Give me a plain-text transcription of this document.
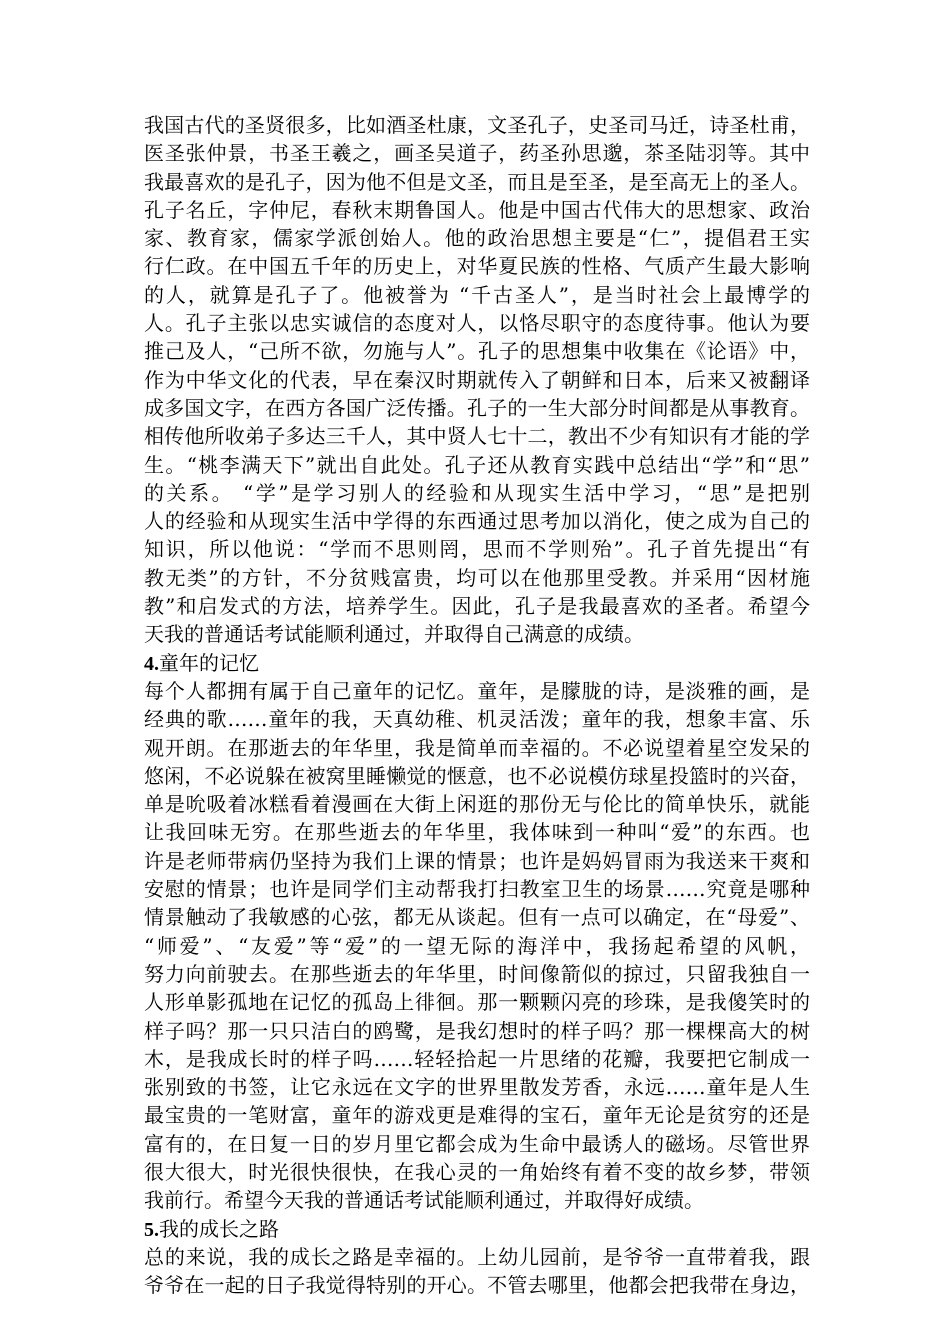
我国古代的圣贤很多，比如酒圣杜康，文圣孔子，史圣司马迁，诗圣杜甫，
医圣张仲景，书圣王羲之，画圣吴道子，药圣孙思邈，茶圣陆羽等。其中
我最喜欢的是孔子，因为他不但是文圣，而且是至圣，是至高无上的圣人。
孔子名丘，字仲尼，春秋末期鲁国人。他是中国古代伟大的思想家、政治
家、教育家，儒家学派创始人。他的政治思想主要是“仁”，提倡君王实
行仁政。在中国五千年的历史上，对华夏民族的性格、气质产生最大影响
的人，就算是孔子了。他被誉为 “千古圣人”，是当时社会上最博学的
人。孔子主张以忠实诚信的态度对人，以恪尽职守的态度待事。他认为要
推己及人，“己所不欲，勿施与人”。孔子的思想集中收集在《论语》中，
作为中华文化的代表，早在秦汉时期就传入了朝鲜和日本，后来又被翻译
成多国文字，在西方各国广泛传播。孔子的一生大部分时间都是从事教育。
相传他所收弟子多达三千人，其中贤人七十二，教出不少有知识有才能的学
生。“桃李满天下”就出自此处。孔子还从教育实践中总结出“学”和“思”
的关系。 “学”是学习别人的经验和从现实生活中学习，“思”是把别
人的经验和从现实生活中学得的东西通过思考加以消化，使之成为自己的
知识，所以他说：“学而不思则罔，思而不学则殆”。孔子首先提出“有
教无类”的方针，不分贫贱富贵，均可以在他那里受教。并采用“因材施
教”和启发式的方法，培养学生。因此，孔子是我最喜欢的圣者。希望今
天我的普通话考试能顺利通过，并取得自己满意的成绩。
4.童年的记忆
每个人都拥有属于自己童年的记忆。童年，是朦胧的诗，是淡雅的画，是
经典的歌……童年的我，天真幼稚、机灵活泼；童年的我，想象丰富、乐
观开朗。在那逝去的年华里，我是简单而幸福的。不必说望着星空发呆的
悠闲，不必说躲在被窝里睡懒觉的惬意，也不必说模仿球星投篮时的兴奋，
单是吮吸着冰糕看着漫画在大街上闲逛的那份无与伦比的简单快乐，就能
让我回味无穷。在那些逝去的年华里，我体味到一种叫“爱”的东西。也
许是老师带病仍坚持为我们上课的情景；也许是妈妈冒雨为我送来干爽和
安慰的情景；也许是同学们主动帮我打扫教室卫生的场景……究竟是哪种
情景触动了我敏感的心弦，都无从谈起。但有一点可以确定，在“母爱”、
“师爱”、“友爱”等“爱”的一望无际的海洋中，我扬起希望的风帆，
努力向前驶去。在那些逝去的年华里，时间像箭似的掠过，只留我独自一
人形单影孤地在记忆的孤岛上徘徊。那一颗颗闪亮的珍珠，是我傻笑时的
样子吗？那一只只洁白的鸥鹭，是我幻想时的样子吗？那一棵棵高大的树
木，是我成长时的样子吗……轻轻拾起一片思绪的花瓣，我要把它制成一
张别致的书签，让它永远在文字的世界里散发芳香，永远……童年是人生
最宝贵的一笔财富，童年的游戏更是难得的宝石，童年无论是贫穷的还是
富有的，在日复一日的岁月里它都会成为生命中最诱人的磁场。尽管世界
很大很大，时光很快很快，在我心灵的一角始终有着不变的故乡梦，带领
我前行。希望今天我的普通话考试能顺利通过，并取得好成绩。
5.我的成长之路
总的来说，我的成长之路是幸福的。上幼儿园前，是爷爷一直带着我，跟
爷爷在一起的日子我觉得特别的开心。不管去哪里，他都会把我带在身边，
